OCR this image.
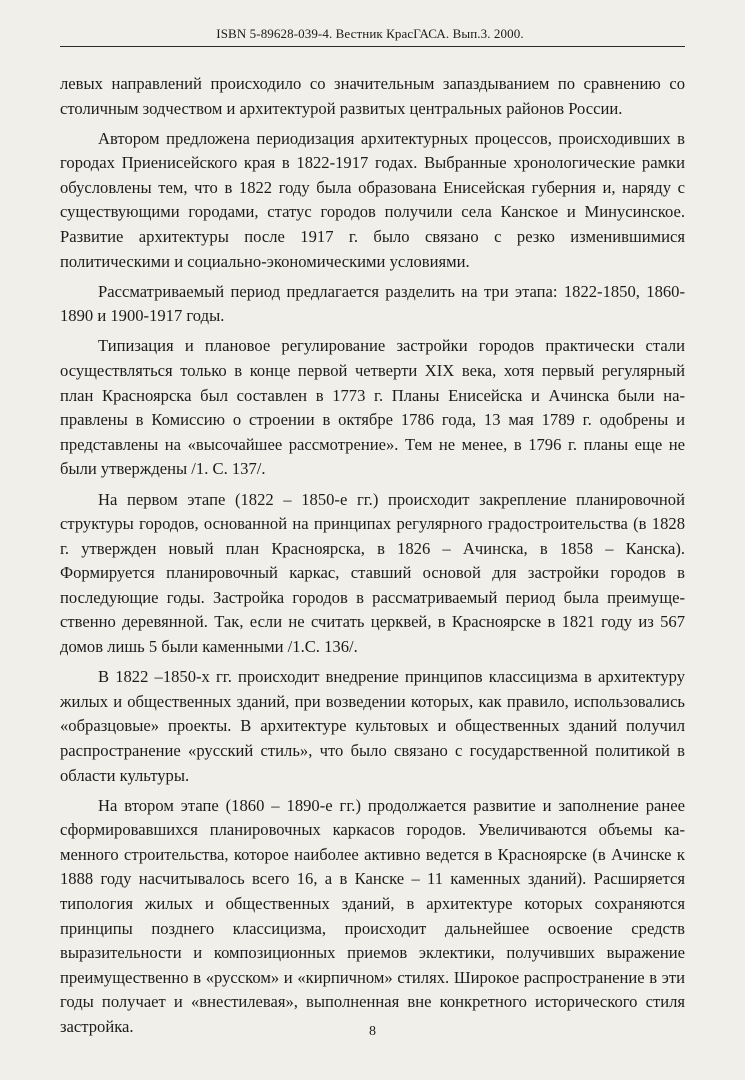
ISBN 5-89628-039-4. Вестник КрасГАСА. Вып.3. 2000.

левых направлений происходило со значительным запаздыванием по сравнению со столичным зодчеством и архитектурой развитых центральных районов России.

Автором предложена периодизация архитектурных процессов, происходивших в городах Приенисейского края в 1822-1917 годах. Выбранные хронологические рамки обусловлены тем, что в 1822 году была образована Енисейская губерния и, наряду с существующими городами, статус городов получили села Канское и Минусинское. Развитие архитектуры после 1917 г. было связано с резко изменившимися политическими и социально-экономическими условиями.

Рассматриваемый период предлагается разделить на три этапа: 1822-1850, 1860-1890 и 1900-1917 годы.

Типизация и плановое регулирование застройки городов практически стали осуществляться только в конце первой четверти XIX века, хотя первый регулярный план Красноярска был составлен в 1773 г. Планы Енисейска и Ачинска были направлены в Комиссию о строении в октябре 1786 года, 13 мая 1789 г. одобрены и представлены на «высочайшее рассмотрение». Тем не менее, в 1796 г. планы еще не были утверждены /1. С. 137/.

На первом этапе (1822 – 1850-е гг.) происходит закрепление планировочной структуры городов, основанной на принципах регулярного градостроительства (в 1828 г. утвержден новый план Красноярска, в 1826 – Ачинска, в 1858 – Канска). Формируется планировочный каркас, ставший основой для застройки городов в последующие годы. Застройка городов в рассматриваемый период была преимущественно деревянной. Так, если не считать церквей, в Красноярске в 1821 году из 567 домов лишь 5 были каменными /1.С. 136/.

В 1822 –1850-х гг. происходит внедрение принципов классицизма в архитектуру жилых и общественных зданий, при возведении которых, как правило, использовались «образцовые» проекты. В архитектуре культовых и общественных зданий получил распространение «русский стиль», что было связано с государственной политикой в области культуры.

На втором этапе (1860 – 1890-е гг.) продолжается развитие и заполнение ранее сформировавшихся планировочных каркасов городов. Увеличиваются объемы каменного строительства, которое наиболее активно ведется в Красноярске (в Ачинске к 1888 году насчитывалось всего 16, а в Канске – 11 каменных зданий). Расширяется типология жилых и общественных зданий, в архитектуре которых сохраняются принципы позднего классицизма, происходит дальнейшее освоение средств выразительности и композиционных приемов эклектики, получивших выражение преимущественно в «русском» и «кирпичном» стилях. Широкое распространение в эти годы получает и «внестилевая», выполненная вне конкретного исторического стиля застройка.	8
